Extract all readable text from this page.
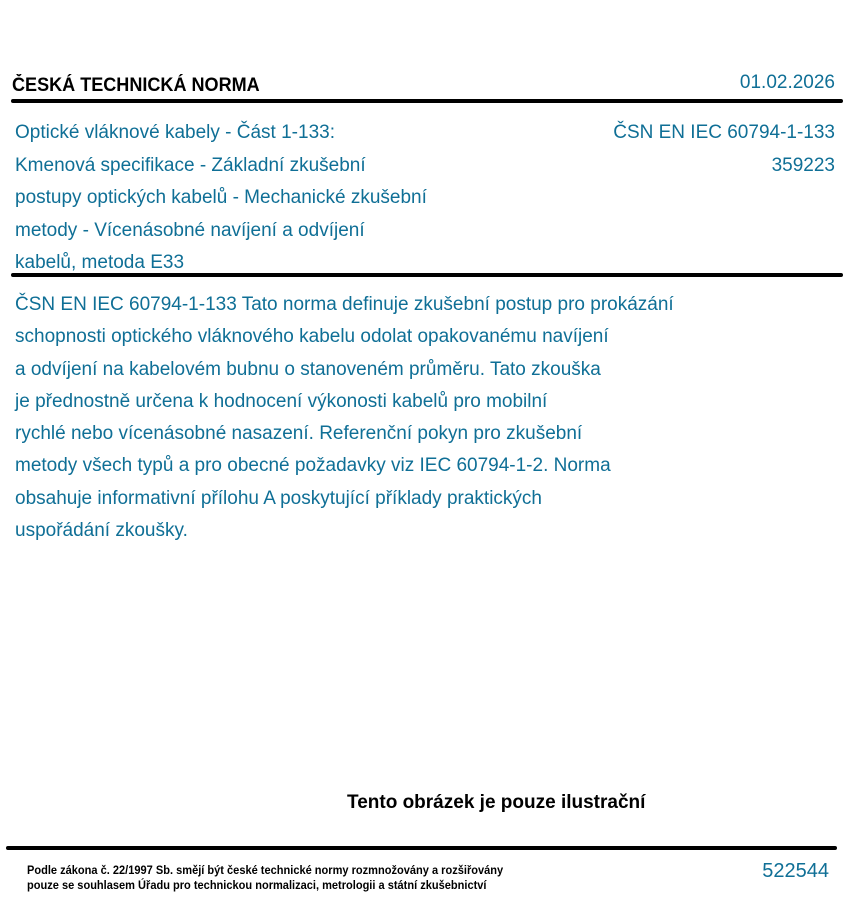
ČESKÁ TECHNICKÁ NORMA	01.02.2026
Optické vláknové kabely - Část 1-133:
Kmenová specifikace - Základní zkušební
postupy optických kabelů - Mechanické zkušební
metody - Vícenásobné navíjení a odvíjení
kabelů, metoda E33
ČSN EN IEC 60794-1-133
359223
ČSN EN IEC 60794-1-133 Tato norma definuje zkušební postup pro prokázání
schopnosti optického vláknového kabelu odolat opakovanému navíjení
a odvíjení na kabelovém bubnu o stanoveném průměru. Tato zkouška
je přednostně určena k hodnocení výkonosti kabelů pro mobilní
rychlé nebo vícenásobné nasazení. Referenční pokyn pro zkušební
metody všech typů a pro obecné požadavky viz IEC 60794-1-2. Norma
obsahuje informativní přílohu A poskytující příklady praktických
uspořádání zkoušky.
Tento obrázek je pouze ilustrační
Podle zákona č. 22/1997 Sb. smějí být české technické normy rozmnožovány a rozšiřovány
pouze se souhlasem Úřadu pro technickou normalizaci, metrologii a státní zkušebnictví
522544
